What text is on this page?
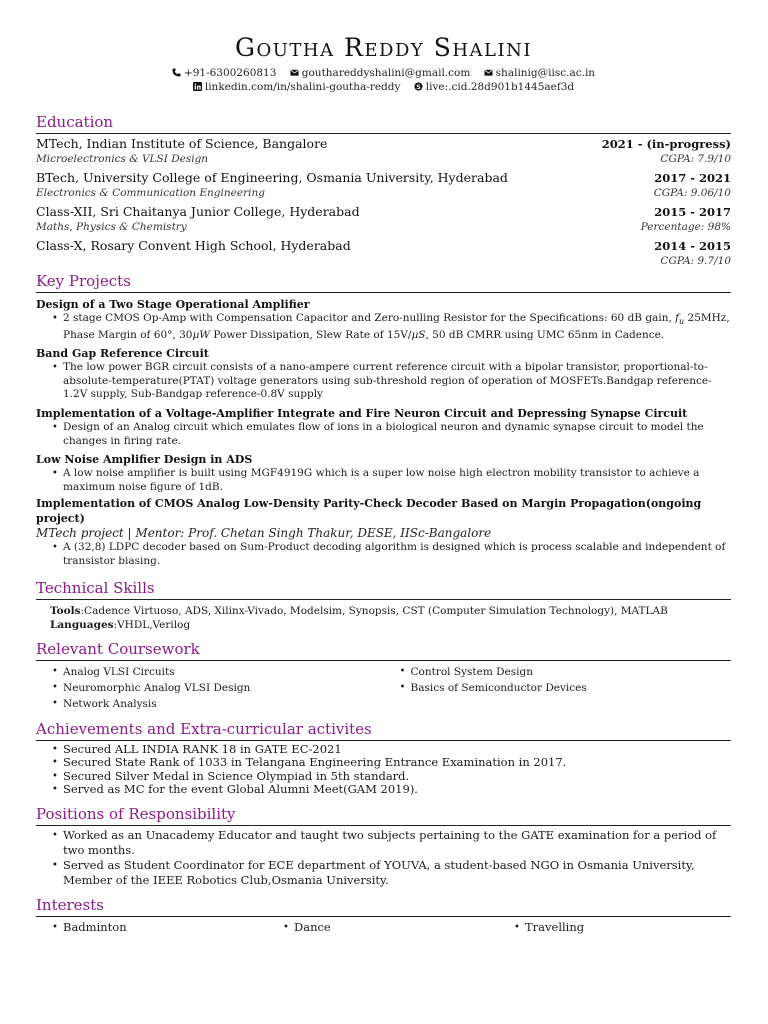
Goutha Reddy Shalini
+91-6300260813 gouthareddyshalini@gmail.com shalinig@iisc.ac.in
linkedin.com/in/shalini-goutha-reddy S live:.cid.28d901b1445aef3d
Education
MTech, Indian Institute of Science, Bangalore	2021 - (in-progress)
Microelectronics & VLSI Design	CGPA: 7.9/10
BTech, University College of Engineering, Osmania University, Hyderabad	2017 - 2021
Electronics & Communication Engineering	CGPA: 9.06/10
Class-XII, Sri Chaitanya Junior College, Hyderabad	2015 - 2017
Maths, Physics & Chemistry	Percentage: 98%
Class-X, Rosary Convent High School, Hyderabad	2014 - 2015
CGPA: 9.7/10
Key Projects
Design of a Two Stage Operational Amplifier
• 2 stage CMOS Op-Amp with Compensation Capacitor and Zero-nulling Resistor for the Specifications: 60 dB gain, $f_u$ 25MHz, Phase Margin of 60°, 30µW Power Dissipation, Slew Rate of 15V/µS, 50 dB CMRR using UMC 65nm in Cadence.
Band Gap Reference Circuit
• The low power BGR circuit consists of a nano-ampere current reference circuit with a bipolar transistor, proportional-to-absolute-temperature(PTAT) voltage generators using sub-threshold region of operation of MOSFETs.Bandgap reference-1.2V supply, Sub-Bandgap reference-0.8V supply
Implementation of a Voltage-Amplifier Integrate and Fire Neuron Circuit and Depressing Synapse Circuit
• Design of an Analog circuit which emulates flow of ions in a biological neuron and dynamic synapse circuit to model the changes in firing rate.
Low Noise Amplifier Design in ADS
• A low noise amplifier is built using MGF4919G which is a super low noise high electron mobility transistor to achieve a maximum noise figure of 1dB.
Implementation of CMOS Analog Low-Density Parity-Check Decoder Based on Margin Propagation(ongoing project)
MTech project | Mentor: Prof. Chetan Singh Thakur, DESE, IISc-Bangalore
• A (32,8) LDPC decoder based on Sum-Product decoding algorithm is designed which is process scalable and independent of transistor biasing.
Technical Skills
Tools:Cadence Virtuoso, ADS, Xilinx-Vivado, Modelsim, Synopsis, CST (Computer Simulation Technology), MATLAB
Languages:VHDL,Verilog
Relevant Coursework
• Analog VLSI Circuits
• Neuromorphic Analog VLSI Design
• Network Analysis
• Control System Design
• Basics of Semiconductor Devices
Achievements and Extra-curricular activites
• Secured ALL INDIA RANK 18 in GATE EC-2021
• Secured State Rank of 1033 in Telangana Engineering Entrance Examination in 2017.
• Secured Silver Medal in Science Olympiad in 5th standard.
• Served as MC for the event Global Alumni Meet(GAM 2019).
Positions of Responsibility
• Worked as an Unacademy Educator and taught two subjects pertaining to the GATE examination for a period of two months.
• Served as Student Coordinator for ECE department of YOUVA, a student-based NGO in Osmania University, Member of the IEEE Robotics Club,Osmania University.
Interests
• Badminton	• Dance	• Travelling
